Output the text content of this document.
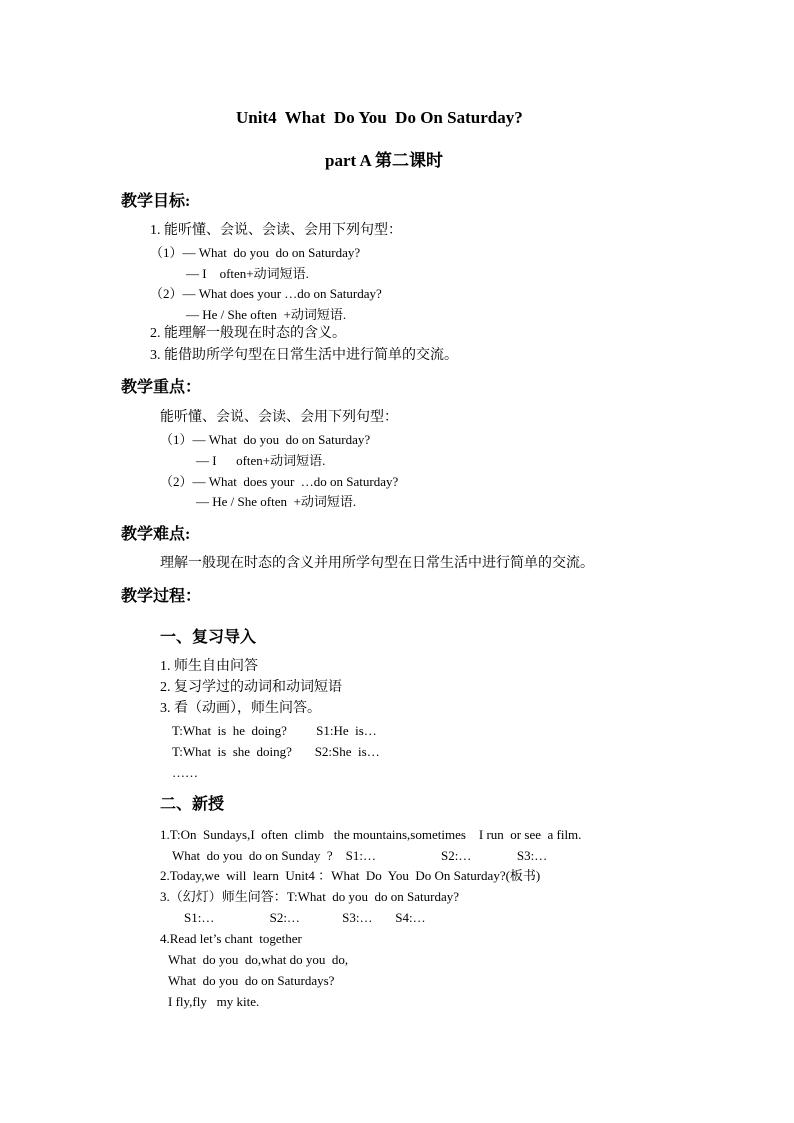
Unit4  What  Do You  Do On Saturday?
part A 第二课时
教学目标:
1. 能听懂、会说、会读、会用下列句型：
（1）— What  do you  do on Saturday?
— I    often+动词短语.
（2）— What does your …do on Saturday?
— He / She often  +动词短语.
2. 能理解一般现在时态的含义。
3. 能借助所学句型在日常生活中进行简单的交流。
教学重点：
能听懂、会说、会读、会用下列句型：
（1）— What  do you  do on Saturday?
— I      often+动词短语.
（2）— What  does your  …do on Saturday?
— He / She often  +动词短语.
教学难点:
理解一般现在时态的含义并用所学句型在日常生活中进行简单的交流。
教学过程：
一、复习导入
1. 师生自由问答
2. 复习学过的动词和动词短语
3. 看（动画），师生问答。
T:What  is  he  doing?         S1:He  is…
T:What  is  she  doing?       S2:She  is…
……
二、新授
1.T:On  Sundays,I  often  climb   the mountains,sometimes    I run  or see  a film.
What  do you  do on Sunday  ?    S1:…                    S2:…              S3:…
2.Today,we  will  learn  Unit4 ：What  Do  You  Do On Saturday?(板书)
3.（幻灯）师生问答：T:What  do you  do on Saturday?
S1:…                 S2:…             S3:…       S4:…
4.Read let’s chant  together
What  do you  do,what do you  do,
What  do you  do on Saturdays?
I fly,fly   my kite.
